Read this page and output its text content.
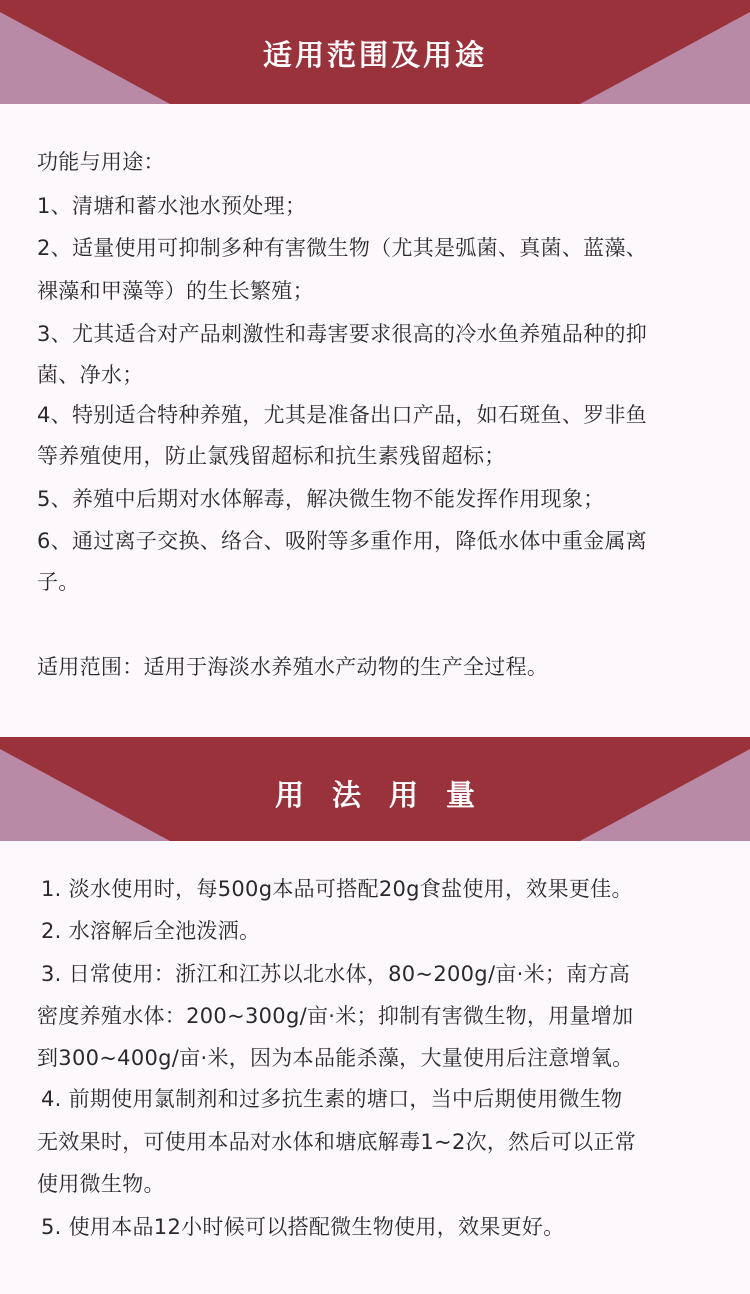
适用范围及用途
功能与用途：
1、清塘和蓄水池水预处理；
2、适量使用可抑制多种有害微生物（尤其是弧菌、真菌、蓝藻、
裸藻和甲藻等）的生长繁殖；
3、尤其适合对产品刺激性和毒害要求很高的冷水鱼养殖品种的抑
菌、净水；
4、特别适合特种养殖，尤其是准备出口产品，如石斑鱼、罗非鱼
等养殖使用，防止氯残留超标和抗生素残留超标；
5、养殖中后期对水体解毒，解决微生物不能发挥作用现象；
6、通过离子交换、络合、吸附等多重作用，降低水体中重金属离
子。
适用范围：适用于海淡水养殖水产动物的生产全过程。
用法用量
1. 淡水使用时，每500g本品可搭配20g食盐使用，效果更佳。
2. 水溶解后全池泼洒。
3. 日常使用：浙江和江苏以北水体，80~200g/亩·米；南方高
密度养殖水体：200~300g/亩·米；抑制有害微生物，用量增加
到300~400g/亩·米，因为本品能杀藻，大量使用后注意增氧。
4. 前期使用氯制剂和过多抗生素的塘口，当中后期使用微生物
无效果时，可使用本品对水体和塘底解毒1~2次，然后可以正常
使用微生物。
5. 使用本品12小时候可以搭配微生物使用，效果更好。
